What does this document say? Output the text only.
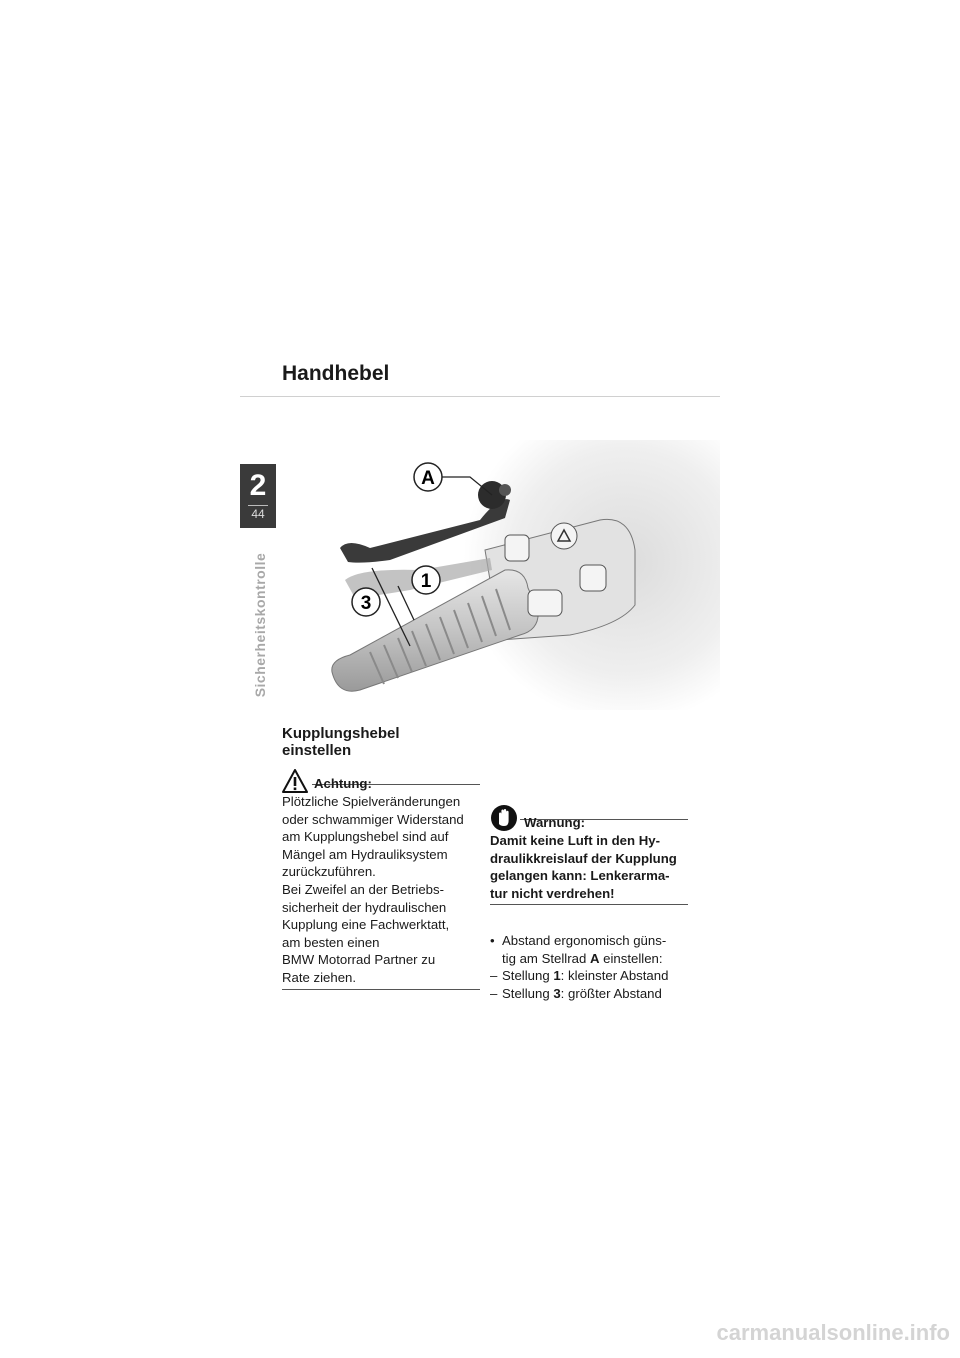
Handhebel
2
44
Sicherheitskontrolle
A
1
3
Kupplungshebel
einstellen
Achtung:

Plötzliche Spielveränderungen
oder schwammiger Widerstand
am Kupplungshebel sind auf
Mängel am Hydrauliksystem
zurückzuführen.
Bei Zweifel an der Betriebs-
sicherheit der hydraulischen
Kupplung eine Fachwerktatt,
am besten einen
BMW Motorrad Partner zu
Rate ziehen.

Warnung:

Damit keine Luft in den Hy-
draulikkreislauf der Kupplung
gelangen kann: Lenkerarma-
tur nicht verdrehen!

• Abstand ergonomisch güns-
tig am Stellrad A einstellen:
– Stellung 1: kleinster Abstand
– Stellung 3: größter Abstand
carmanualsonline.info
